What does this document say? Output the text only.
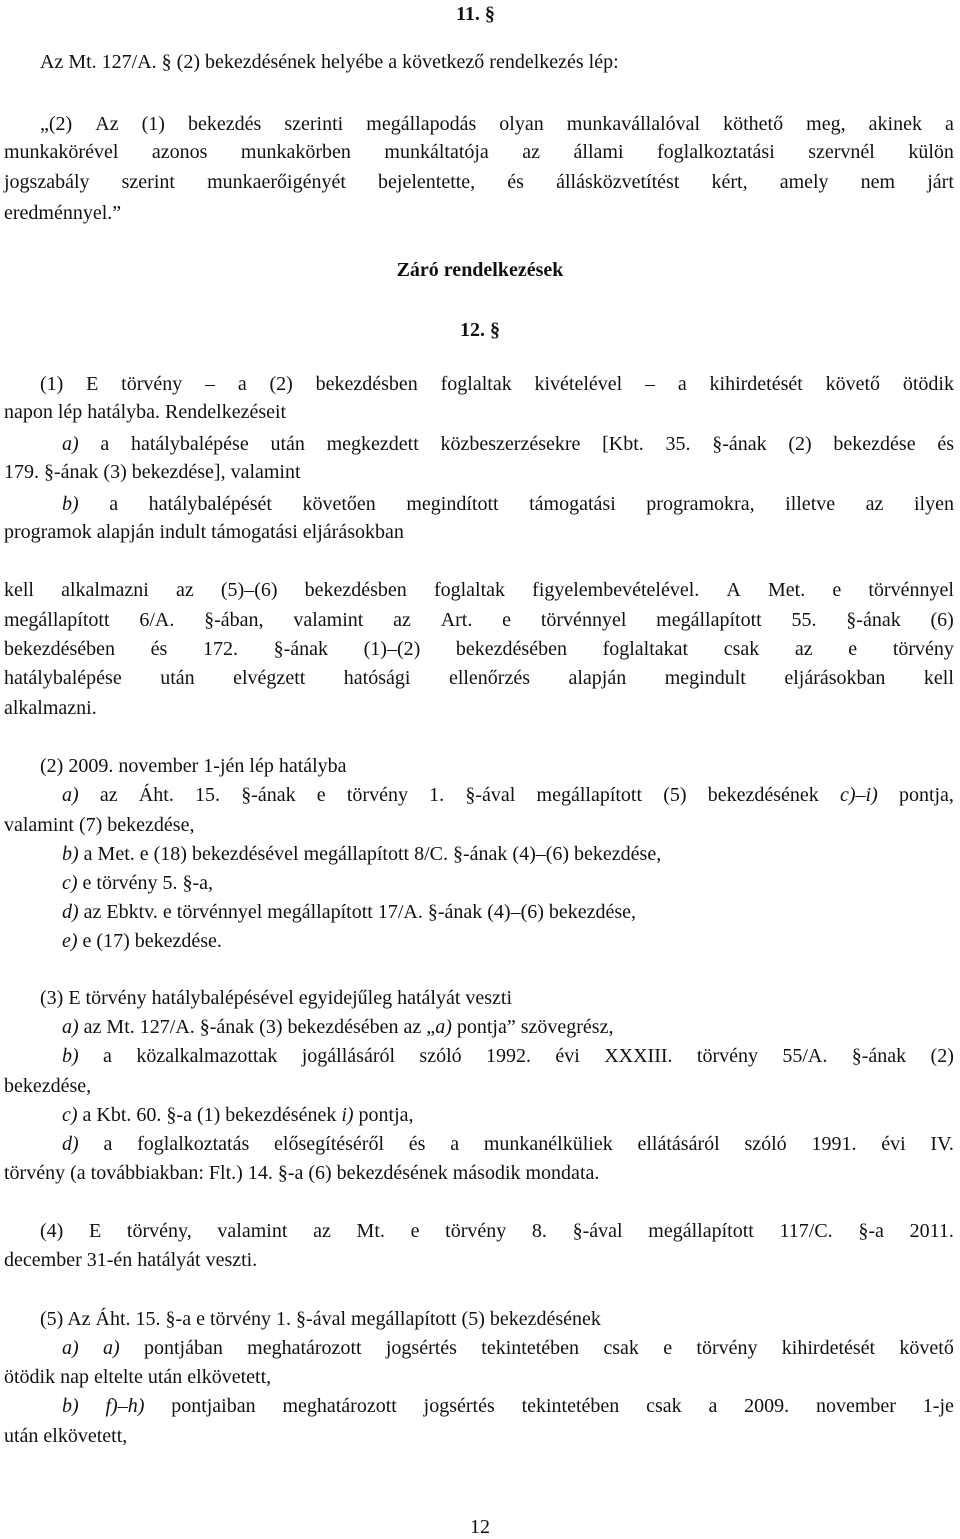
11. §
Az Mt. 127/A. § (2) bekezdésének helyébe a következő rendelkezés lép:
„(2) Az (1) bekezdés szerinti megállapodás olyan munkavállalóval köthető meg, akinek a
munkakörével azonos munkakörben munkáltatója az állami foglalkoztatási szervnél külön
jogszabály szerint munkaerőigényét bejelentette, és állásközvetítést kért, amely nem járt
eredménnyel.”
Záró rendelkezések
12. §
(1) E törvény – a (2) bekezdésben foglaltak kivételével – a kihirdetését követő ötödik
napon lép hatályba. Rendelkezéseit
a) a hatálybalépése után megkezdett közbeszerzésekre [Kbt. 35. §-ának (2) bekezdése és
179. §-ának (3) bekezdése], valamint
b) a hatálybalépését követően megindított támogatási programokra, illetve az ilyen
programok alapján indult támogatási eljárásokban
kell alkalmazni az (5)–(6) bekezdésben foglaltak figyelembevételével. A Met. e törvénnyel
megállapított 6/A. §-ában, valamint az Art. e törvénnyel megállapított 55. §-ának (6)
bekezdésében és 172. §-ának (1)–(2) bekezdésében foglaltakat csak az e törvény
hatálybalépése után elvégzett hatósági ellenőrzés alapján megindult eljárásokban kell
alkalmazni.
(2) 2009. november 1-jén lép hatályba
a) az Áht. 15. §-ának e törvény 1. §-ával megállapított (5) bekezdésének c)–i) pontja,
valamint (7) bekezdése,
b) a Met. e (18) bekezdésével megállapított 8/C. §-ának (4)–(6) bekezdése,
c) e törvény 5. §-a,
d) az Ebktv. e törvénnyel megállapított 17/A. §-ának (4)–(6) bekezdése,
e) e (17) bekezdése.
(3) E törvény hatálybalépésével egyidejűleg hatályát veszti
a) az Mt. 127/A. §-ának (3) bekezdésében az „a) pontja” szövegrész,
b) a közalkalmazottak jogállásáról szóló 1992. évi XXXIII. törvény 55/A. §-ának (2)
bekezdése,
c) a Kbt. 60. §-a (1) bekezdésének i) pontja,
d) a foglalkoztatás elősegítéséről és a munkanélküliek ellátásáról szóló 1991. évi IV.
törvény (a továbbiakban: Flt.) 14. §-a (6) bekezdésének második mondata.
(4) E törvény, valamint az Mt. e törvény 8. §-ával megállapított 117/C. §-a 2011.
december 31-én hatályát veszti.
(5) Az Áht. 15. §-a e törvény 1. §-ával megállapított (5) bekezdésének
a) a) pontjában meghatározott jogsértés tekintetében csak e törvény kihirdetését követő
ötödik nap eltelte után elkövetett,
b) f)–h) pontjaiban meghatározott jogsértés tekintetében csak a 2009. november 1-je
után elkövetett,
12
